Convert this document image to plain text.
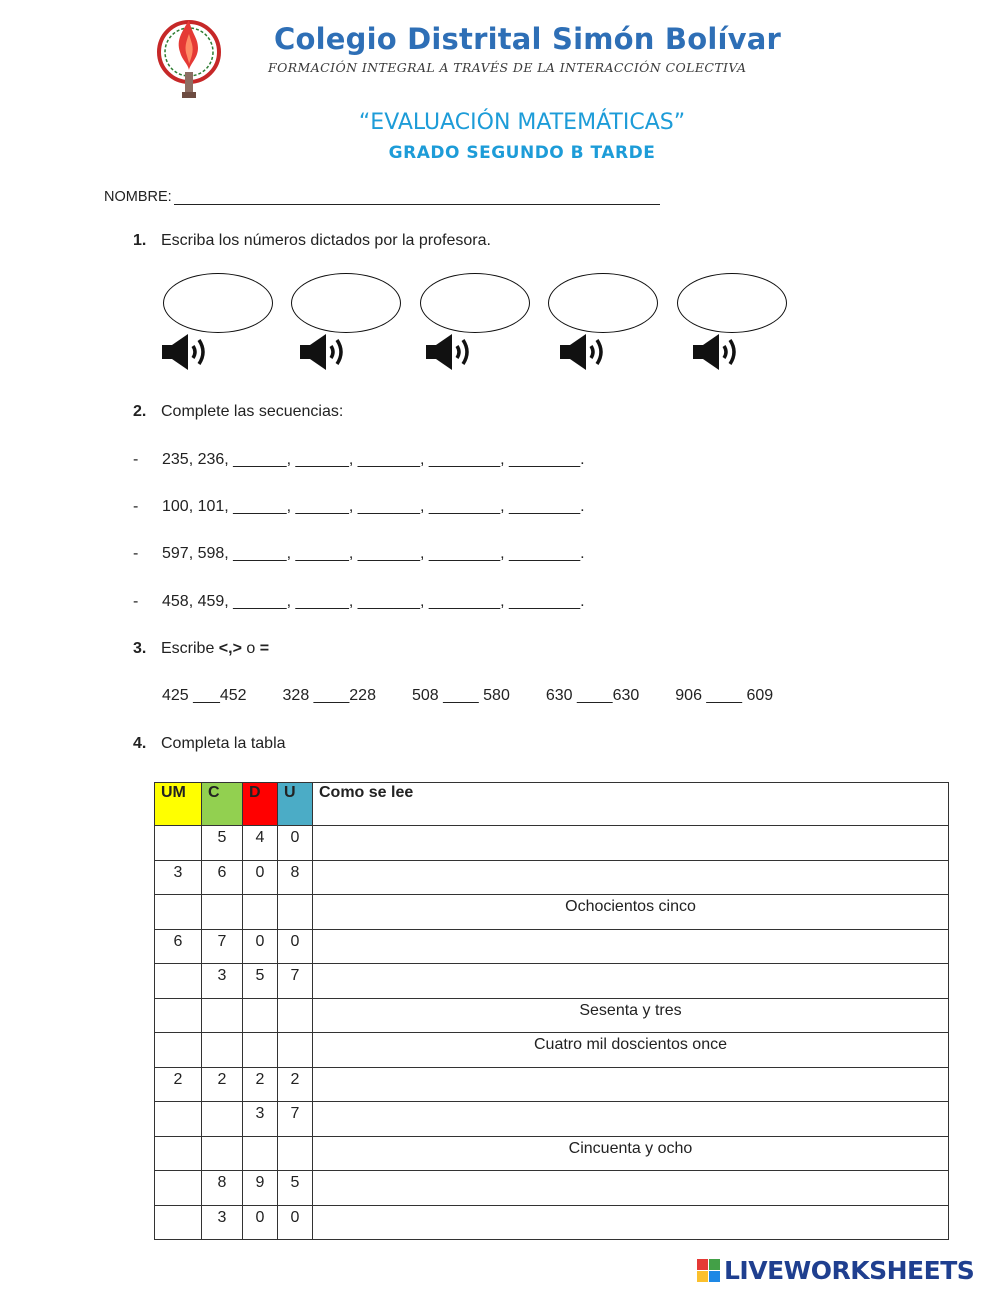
Colegio Distrital Simón Bolívar
FORMACIÓN INTEGRAL A TRAVÉS DE LA INTERACCIÓN COLECTIVA
“EVALUACIÓN MATEMÁTICAS”
GRADO SEGUNDO B TARDE
NOMBRE:
1. Escriba los números dictados por la profesora.
2. Complete las secuencias:
- 235, 236, ______, ______, _______, ________, ________.
- 100, 101, ______, ______, _______, ________, ________.
- 597, 598, ______, ______, _______, ________, ________.
- 458, 459, ______, ______, _______, ________, ________.
3. Escribe <,> o =
425 ___452 328 ____228 508 ____ 580 630 ____630 906 ____ 609
4. Completa la tabla
UM	C	D	U	Como se lee
	5	4	0	
3	6	0	8	
				Ochocientos cinco
6	7	0	0	
	3	5	7	
				Sesenta y tres
				Cuatro mil doscientos once
2	2	2	2	
		3	7	
				Cincuenta y ocho
	8	9	5	
	3	0	0	
LIVEWORKSHEETS
